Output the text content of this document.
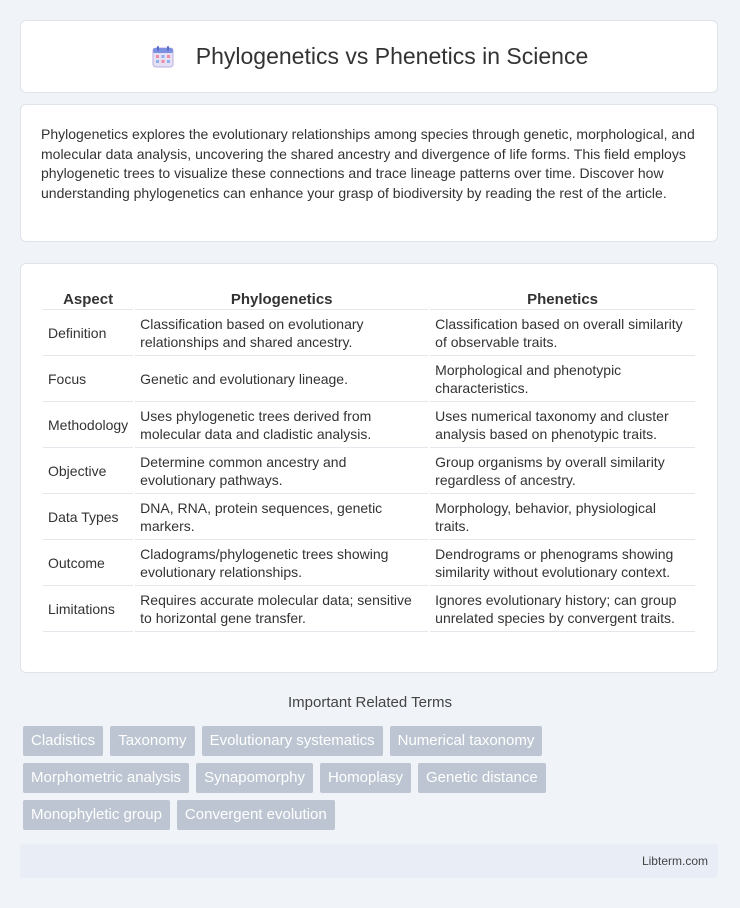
Phylogenetics vs Phenetics in Science
Phylogenetics explores the evolutionary relationships among species through genetic, morphological, and molecular data analysis, uncovering the shared ancestry and divergence of life forms. This field employs phylogenetic trees to visualize these connections and trace lineage patterns over time. Discover how understanding phylogenetics can enhance your grasp of biodiversity by reading the rest of the article.
Aspect	Phylogenetics	Phenetics
Definition	Classification based on evolutionary relationships and shared ancestry.	Classification based on overall similarity of observable traits.
Focus	Genetic and evolutionary lineage.	Morphological and phenotypic characteristics.
Methodology	Uses phylogenetic trees derived from molecular data and cladistic analysis.	Uses numerical taxonomy and cluster analysis based on phenotypic traits.
Objective	Determine common ancestry and evolutionary pathways.	Group organisms by overall similarity regardless of ancestry.
Data Types	DNA, RNA, protein sequences, genetic markers.	Morphology, behavior, physiological traits.
Outcome	Cladograms/phylogenetic trees showing evolutionary relationships.	Dendrograms or phenograms showing similarity without evolutionary context.
Limitations	Requires accurate molecular data; sensitive to horizontal gene transfer.	Ignores evolutionary history; can group unrelated species by convergent traits.
Important Related Terms
Cladistics	Taxonomy	Evolutionary systematics	Numerical taxonomy
Morphometric analysis	Synapomorphy	Homoplasy	Genetic distance
Monophyletic group	Convergent evolution
Libterm.com
